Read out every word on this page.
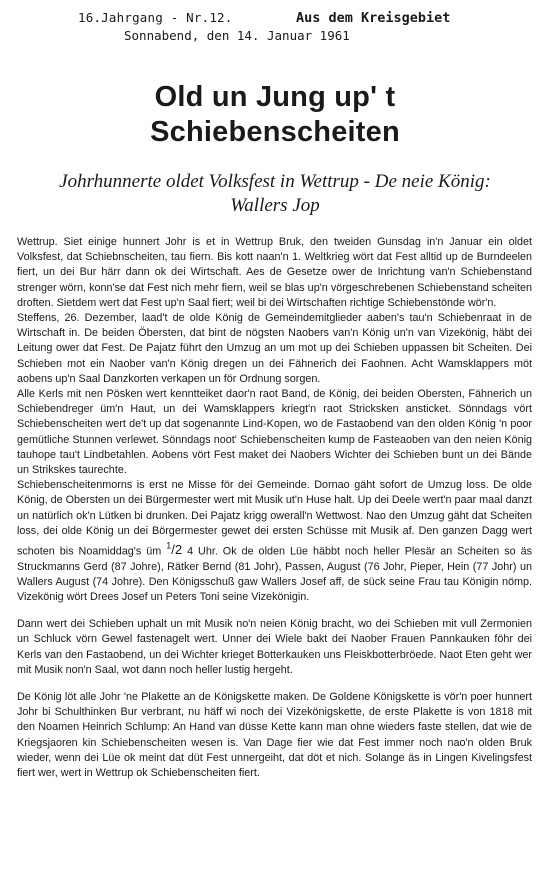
16.Jahrgang - Nr.12.	Aus dem Kreisgebiet
Sonnabend, den 14. Januar 1961
Old un Jung up' t
Schiebenscheiten
Johrhunnerte oldet Volksfest in Wettrup - De neie König:
Wallers Jop

Wettrup. Siet einige hunnert Johr is et in Wettrup Bruk, den tweiden Gunsdag in'n Januar ein oldet Volksfest, dat Schiebnscheiten, tau fiern. Bis kott naan'n 1. Weltkrieg wört dat Fest alltid up de Burndeelen fiert, un dei Bur härr dann ok dei Wirtschaft. Aes de Gesetze ower de Inrichtung van'n Schiebenstand strenger wörn, konn'se dat Fest nich mehr fiern, weil se blas up'n vörgeschrebenen Schiebenstand scheiten droften. Sietdem wert dat Fest up'n Saal fiert; weil bi dei Wirtschaften richtige Schiebenstönde wör'n.

Steffens, 26. Dezember, laad't de olde König de Gemeindemitglieder aaben's tau'n Schiebenraat in de Wirtschaft in. De beiden Öbersten, dat bint de nögsten Naobers van'n König un'n van Vizekönig, häbt dei Leitung ower dat Fest. De Pajatz führt den Umzug an um mot up dei Schieben uppassen bit Scheiten. Dei Schieben mot ein Naober van'n König dregen un dei Fähnerich dei Faohnen. Acht Wamsklappers möt aobens up'n Saal Danzkorten verkapen un för Ordnung sorgen.

Alle Kerls mit nen Pösken wert kenntteiket daor'n raot Band, de König, dei beiden Obersten, Fähnerich un Schiebendreger üm'n Haut, un dei Wamsklappers kriegt'n raot Stricksken ansticket. Sönndags vört Schiebenscheiten wert de't up dat sogenannte Lind-Kopen, wo de Fastaobend van den olden König 'n poor gemütliche Stunnen verlewet. Sönndags noot' Schiebenscheiten kump de Fasteaoben van den neien König tauhope tau't Lindbetahlen. Aobens vört Fest maket dei Naobers Wichter dei Schieben bunt un dei Bände un Strikskes taurechte.

Schiebenscheitenmorns is erst ne Misse för dei Gemeinde. Dornao gäht sofort de Umzug loss. De olde König, de Obersten un dei Bürgermester wert mit Musik ut'n Huse halt. Up dei Deele wert'n paar maal danzt un natürlich ok'n Lütken bi drunken. Dei Pajatz krigg owerall'n Wettwost. Nao den Umzug gäht dat Scheiten loss, dei olde König un dei Börgermester gewet dei ersten Schüsse mit Musik af. Den ganzen Dagg wert schoten bis Noamiddag's üm $^1$/2 4 Uhr. Ok de olden Lüe häbbt noch heller Plesär an Scheiten so äs Struckmanns Gerd (87 Johre), Rätker Bernd (81 Johr), Passen, August (76 Johr, Pieper, Hein (77 Johr) un Wallers August (74 Johre). Den Königsschuß gaw Wallers Josef aff, de sück seine Frau tau Königin nömp. Vizekönig wört Drees Josef un Peters Toni seine Vizekönigin.

Dann wert dei Schieben uphalt un mit Musik no'n neien König bracht, wo dei Schieben mit vull Zermonien un Schluck vörn Gewel fastenagelt wert. Unner dei Wiele bakt dei Naober Frauen Pannkauken föhr dei Kerls van den Fastaobend, un dei Wichter krieget Botterkauken uns Fleiskbotterbröede. Naot Eten geht wer mit Musik non'n Saal, wot dann noch heller lustig hergeht.

De König löt alle Johr 'ne Plakette an de Königskette maken. De Goldene Königskette is vör'n poer hunnert Johr bi Schulthinken Bur verbrant, nu häff wi noch dei Vizekönigskette, de erste Plakette is von 1818 mit den Noamen Heinrich Schlump: An Hand van düsse Kette kann man ohne wieders faste stellen, dat wie de Kriegsjaoren kin Schiebenscheiten wesen is. Van Dage fier wie dat Fest immer noch nao'n olden Bruk wieder, wenn dei Lüe ok meint dat düt Fest unnergeiht, dat döt et nich. Solange äs in Lingen Kivelingsfest fiert wer, wert in Wettrup ok Schiebenscheiten fiert.
